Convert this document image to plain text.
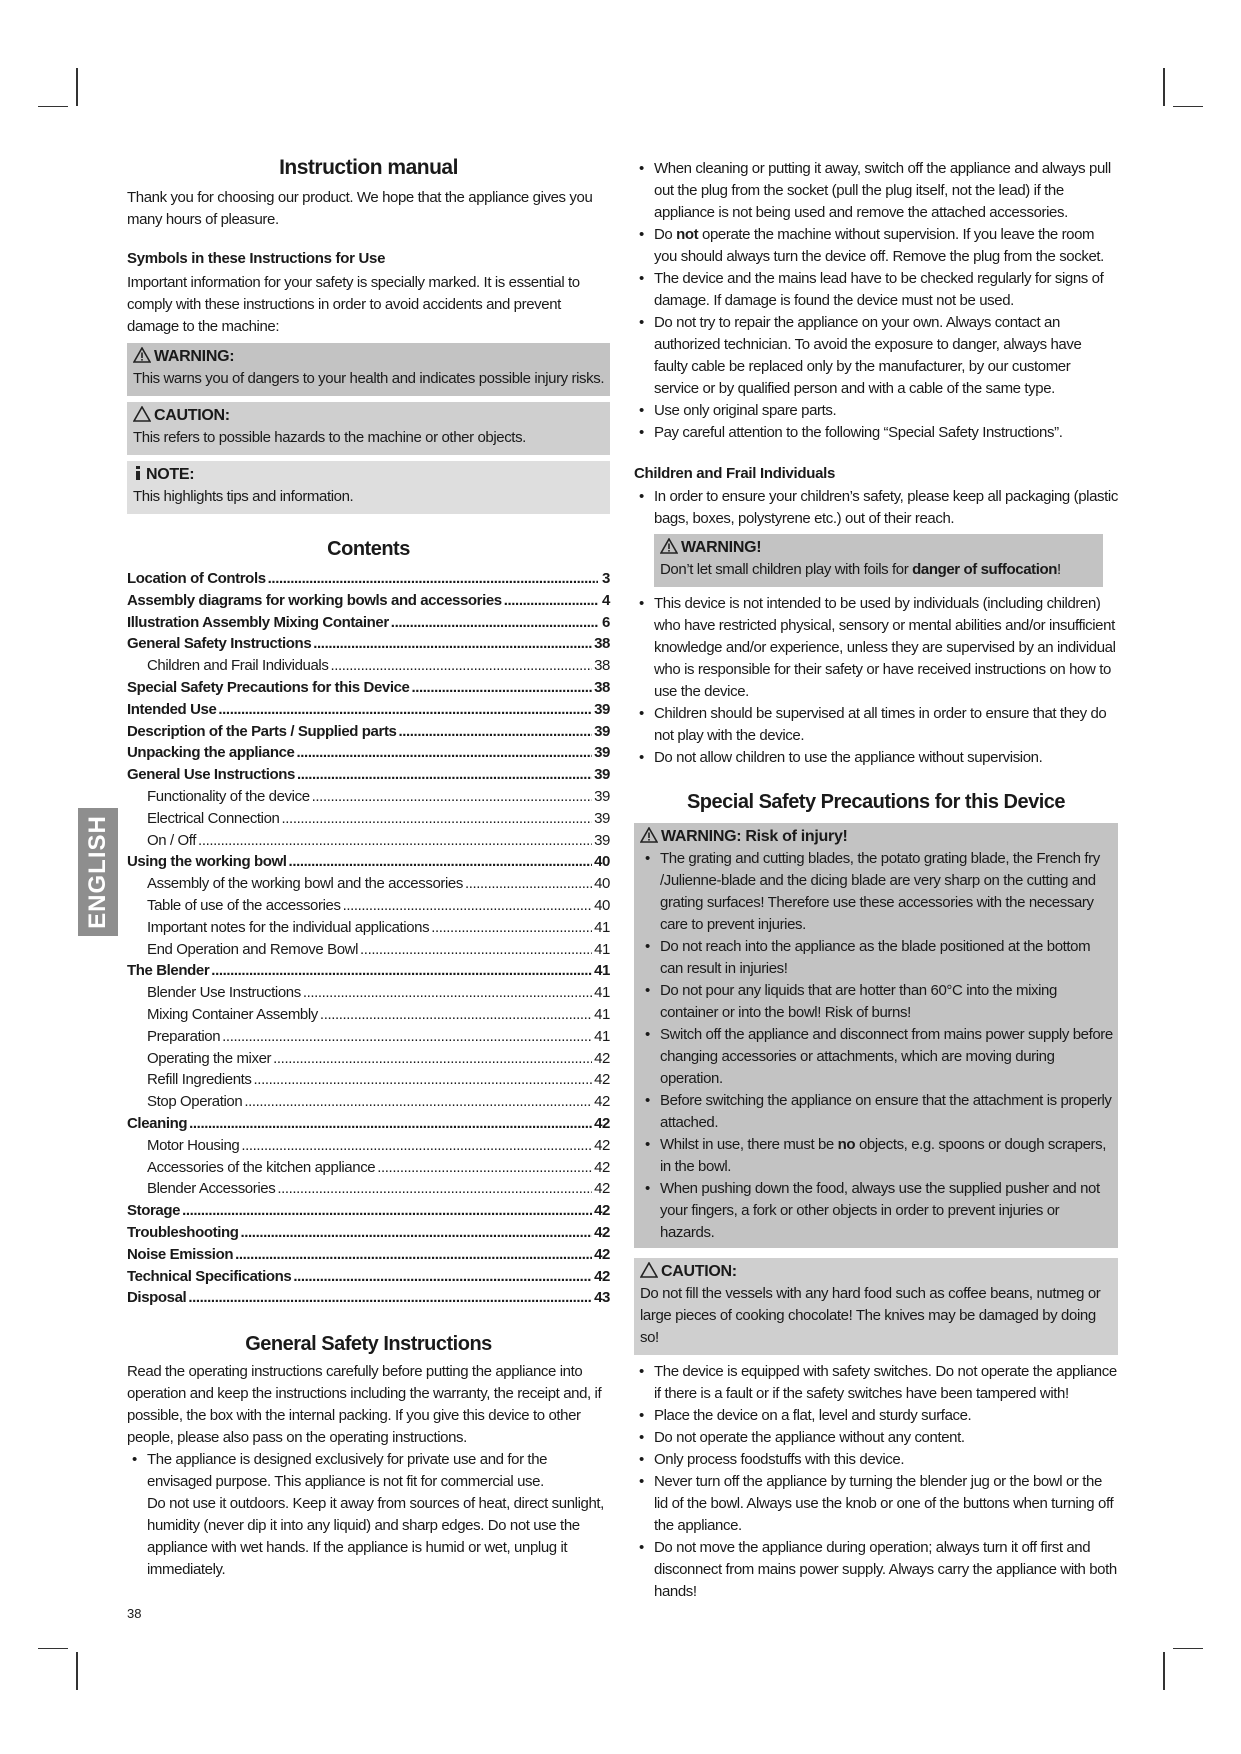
ENGLISH
Instruction manual

Thank you for choosing our product. We hope that the appliance gives you many hours of pleasure.

Symbols in these Instructions for Use

Important information for your safety is specially marked. It is essential to comply with these instructions in order to avoid accidents and prevent damage to the machine:

WARNING:

This warns you of dangers to your health and indicates possible injury risks.

CAUTION:

This refers to possible hazards to the machine or other objects.

NOTE:

This highlights tips and information.

Contents
Location of Controls .....	3
Assembly diagrams for working bowls and accessories .....	4
Illustration Assembly Mixing Container .....	6
General Safety Instructions .....	38
Children and Frail Individuals .....	38
Special Safety Precautions for this Device .....	38
Intended Use .....	39
Description of the Parts / Supplied parts .....	39
Unpacking the appliance .....	39
General Use Instructions .....	39
Functionality of the device .....	39
Electrical Connection .....	39
On / Off .....	39
Using the working bowl .....	40
Assembly of the working bowl and the accessories .....	40
Table of use of the accessories .....	40
Important notes for the individual applications .....	41
End Operation and Remove Bowl .....	41
The Blender .....	41
Blender Use Instructions .....	41
Mixing Container Assembly .....	41
Preparation .....	41
Operating the mixer .....	42
Refill Ingredients .....	42
Stop Operation .....	42
Cleaning .....	42
Motor Housing .....	42
Accessories of the kitchen appliance .....	42
Blender Accessories .....	42
Storage .....	42
Troubleshooting .....	42
Noise Emission .....	42
Technical Specifications .....	42
Disposal .....	43
General Safety Instructions

Read the operating instructions carefully before putting the appliance into operation and keep the instructions including the warranty, the receipt and, if possible, the box with the internal packing. If you give this device to other people, please also pass on the operating instructions.

• The appliance is designed exclusively for private use and for the envisaged purpose. This appliance is not fit for commercial use.
Do not use it outdoors. Keep it away from sources of heat, direct sunlight, humidity (never dip it into any liquid) and sharp edges. Do not use the appliance with wet hands. If the appliance is humid or wet, unplug it immediately.
38
• When cleaning or putting it away, switch off the appliance and always pull out the plug from the socket (pull the plug itself, not the lead) if the appliance is not being used and remove the attached accessories.
• Do not operate the machine without supervision. If you leave the room you should always turn the device off. Remove the plug from the socket.
• The device and the mains lead have to be checked regularly for signs of damage. If damage is found the device must not be used.
• Do not try to repair the appliance on your own. Always contact an authorized technician. To avoid the exposure to danger, always have faulty cable be replaced only by the manufacturer, by our customer service or by qualified person and with a cable of the same type.
• Use only original spare parts.
• Pay careful attention to the following “Special Safety Instructions”.
Children and Frail Individuals
• In order to ensure your children’s safety, please keep all packaging (plastic bags, boxes, polystyrene etc.) out of their reach.
WARNING!

Don’t let small children play with foils for danger of suffocation!

• This device is not intended to be used by individuals (including children) who have restricted physical, sensory or mental abilities and/or insufficient knowledge and/or experience, unless they are supervised by an individual who is responsible for their safety or have received instructions on how to use the device.
• Children should be supervised at all times in order to ensure that they do not play with the device.
• Do not allow children to use the appliance without supervision.
Special Safety Precautions for this Device
WARNING: Risk of injury!
• The grating and cutting blades, the potato grating blade, the French fry /Julienne-blade and the dicing blade are very sharp on the cutting and grating surfaces! Therefore use these accessories with the necessary care to prevent injuries.
• Do not reach into the appliance as the blade positioned at the bottom can result in injuries!
• Do not pour any liquids that are hotter than 60°C into the mixing container or into the bowl! Risk of burns!
• Switch off the appliance and disconnect from mains power supply before changing accessories or attachments, which are moving during operation.
• Before switching the appliance on ensure that the attachment is properly attached.
• Whilst in use, there must be no objects, e.g. spoons or dough scrapers, in the bowl.
• When pushing down the food, always use the supplied pusher and not your fingers, a fork or other objects in order to prevent injuries or hazards.
CAUTION:

Do not fill the vessels with any hard food such as coffee beans, nutmeg or large pieces of cooking chocolate! The knives may be damaged by doing so!

• The device is equipped with safety switches. Do not operate the appliance if there is a fault or if the safety switches have been tampered with!
• Place the device on a flat, level and sturdy surface.
• Do not operate the appliance without any content.
• Only process foodstuffs with this device.
• Never turn off the appliance by turning the blender jug or the bowl or the lid of the bowl. Always use the knob or one of the buttons when turning off the appliance.
• Do not move the appliance during operation; always turn it off first and disconnect from mains power supply. Always carry the appliance with both hands!
